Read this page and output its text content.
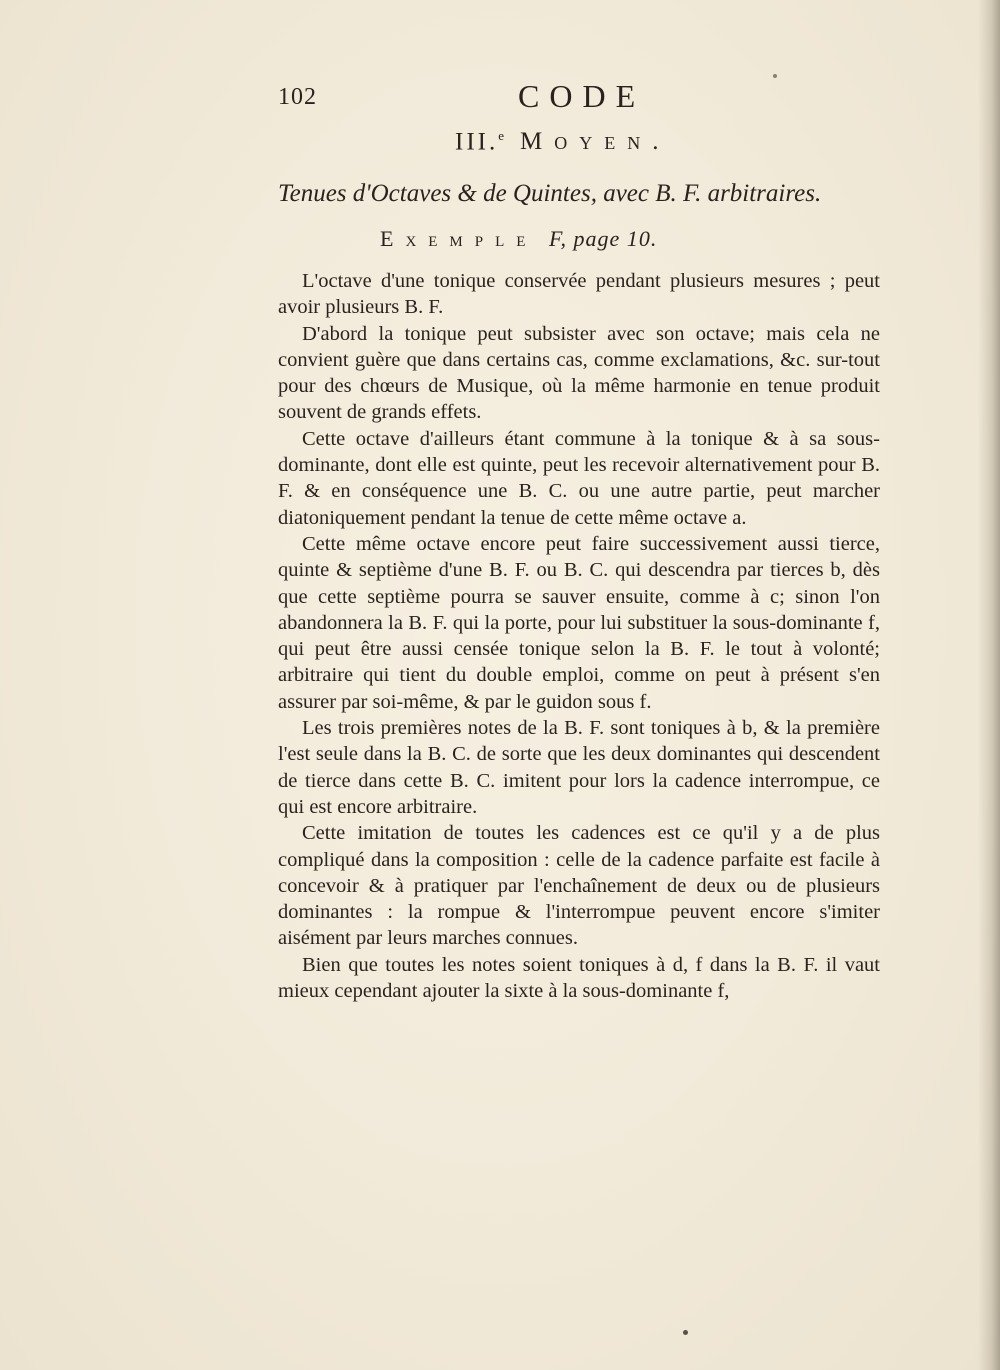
102	CODE
III.$^e$ Moyen.
Tenues d'Octaves & de Quintes, avec B. F. arbitraires.
Exemple F, page 10.

L'octave d'une tonique conservée pendant plusieurs mesures ; peut avoir plusieurs B. F.

D'abord la tonique peut subsister avec son octave; mais cela ne convient guère que dans certains cas, comme exclamations, &c. sur-tout pour des chœurs de Musique, où la même harmonie en tenue produit souvent de grands effets.

Cette octave d'ailleurs étant commune à la tonique & à sa sous-dominante, dont elle est quinte, peut les recevoir alternativement pour B. F. & en conséquence une B. C. ou une autre partie, peut marcher diatoniquement pendant la tenue de cette même octave a.

Cette même octave encore peut faire successivement aussi tierce, quinte & septième d'une B. F. ou B. C. qui descendra par tierces b, dès que cette septième pourra se sauver ensuite, comme à c; sinon l'on abandonnera la B. F. qui la porte, pour lui substituer la sous-dominante f, qui peut être aussi censée tonique selon la B. F. le tout à volonté; arbitraire qui tient du double emploi, comme on peut à présent s'en assurer par soi-même, & par le guidon sous f.

Les trois premières notes de la B. F. sont toniques à b, & la première l'est seule dans la B. C. de sorte que les deux dominantes qui descendent de tierce dans cette B. C. imitent pour lors la cadence interrompue, ce qui est encore arbitraire.

Cette imitation de toutes les cadences est ce qu'il y a de plus compliqué dans la composition : celle de la cadence parfaite est facile à concevoir & à pratiquer par l'enchaînement de deux ou de plusieurs dominantes : la rompue & l'interrompue peuvent encore s'imiter aisément par leurs marches connues.

Bien que toutes les notes soient toniques à d, f dans la B. F. il vaut mieux cependant ajouter la sixte à la sous-dominante f,
